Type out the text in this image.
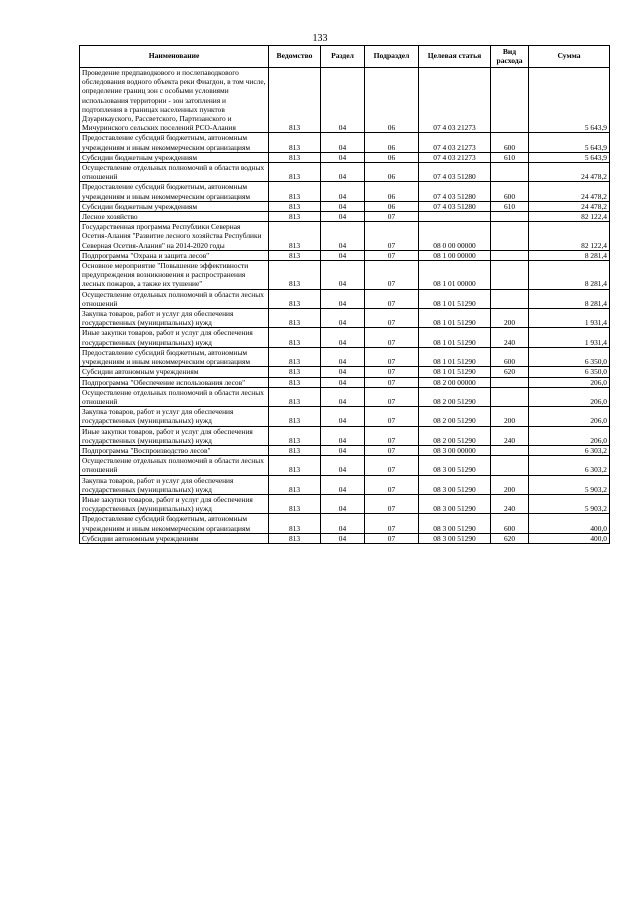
133
Наименование	Ведомство	Раздел	Подраздел	Целевая статья	Вид расхода	Сумма
Проведение предпаводкового и послепаводкового обследования водного объекта реки Фиагдон, в том числе, определение границ зон с особыми условиями использования территории - зон затопления и подтопления в границах населенных пунктов Дзуарикауского, Рассветского, Партизанского и Мичуринского сельских поселений РСО-Алания	813	04	06	07 4 03 21273		5 643,9
Предоставление субсидий бюджетным, автономным учреждениям и иным некоммерческим организациям	813	04	06	07 4 03 21273	600	5 643,9
Субсидии бюджетным учреждениям	813	04	06	07 4 03 21273	610	5 643,9
Осуществление отдельных полномочий в области водных отношений	813	04	06	07 4 03 51280		24 478,2
Предоставление субсидий бюджетным, автономным учреждениям и иным некоммерческим организациям	813	04	06	07 4 03 51280	600	24 478,2
Субсидии бюджетным учреждениям	813	04	06	07 4 03 51280	610	24 478,2
Лесное хозяйство	813	04	07			82 122,4
Государственная программа Республики Северная Осетия-Алания "Развитие лесного хозяйства Республики Северная Осетия-Алания" на 2014-2020 годы	813	04	07	08 0 00 00000		82 122,4
Подпрограмма "Охрана и защита лесов"	813	04	07	08 1 00 00000		8 281,4
Основное мероприятие "Повышение эффективности предупреждения возникновения и распространения лесных пожаров, а также их тушение"	813	04	07	08 1 01 00000		8 281,4
Осуществление отдельных полномочий в области лесных отношений	813	04	07	08 1 01 51290		8 281,4
Закупка товаров, работ и услуг для обеспечения государственных (муниципальных) нужд	813	04	07	08 1 01 51290	200	1 931,4
Иные закупки товаров, работ и услуг для обеспечения государственных (муниципальных) нужд	813	04	07	08 1 01 51290	240	1 931,4
Предоставление субсидий бюджетным, автономным учреждениям и иным некоммерческим организациям	813	04	07	08 1 01 51290	600	6 350,0
Субсидии автономным учреждениям	813	04	07	08 1 01 51290	620	6 350,0
Подпрограмма "Обеспечение использования лесов"	813	04	07	08 2 00 00000		206,0
Осуществление отдельных полномочий в области лесных отношений	813	04	07	08 2 00 51290		206,0
Закупка товаров, работ и услуг для обеспечения государственных (муниципальных) нужд	813	04	07	08 2 00 51290	200	206,0
Иные закупки товаров, работ и услуг для обеспечения государственных (муниципальных) нужд	813	04	07	08 2 00 51290	240	206,0
Подпрограмма "Воспроизводство лесов"	813	04	07	08 3 00 00000		6 303,2
Осуществление отдельных полномочий в области лесных отношений	813	04	07	08 3 00 51290		6 303,2
Закупка товаров, работ и услуг для обеспечения государственных (муниципальных) нужд	813	04	07	08 3 00 51290	200	5 903,2
Иные закупки товаров, работ и услуг для обеспечения государственных (муниципальных) нужд	813	04	07	08 3 00 51290	240	5 903,2
Предоставление субсидий бюджетным, автономным учреждениям и иным некоммерческим организациям	813	04	07	08 3 00 51290	600	400,0
Субсидии автономным учреждениям	813	04	07	08 3 00 51290	620	400,0
